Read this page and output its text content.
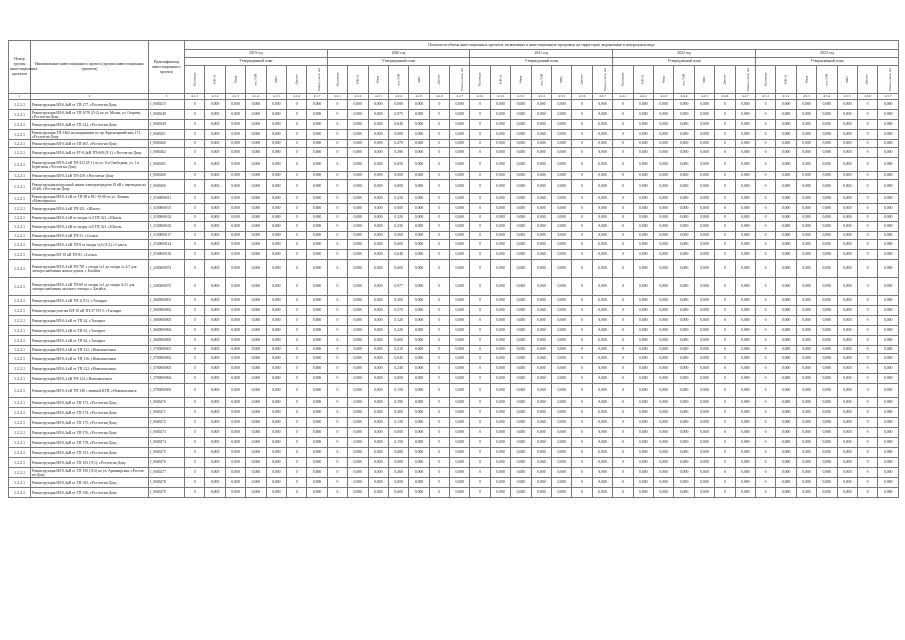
Номер группы инвестиционных проектов	Наименование инвестиционного проекта (группы инвестиционных проектов)	Идентификатор инвестиционного проекта	Показатели объема инвестиционных проектов, включенных в инвестиционную программу на территории, выраженные в натуральном виде																																		
			2019 год							2020 год							2021 год							2022 год							2023 год						
			Утвержденный план							Утвержденный план							Утвержденный план							Утвержденный план							Утвержденный план						
			Год ввода	МВ×А	Мвар	км ЛЭП	МВт	Другое	Точки учета, шт	Год ввода	МВ×А	Мвар	км ЛЭП	МВт	Другое	Точки учета, шт	Год ввода	МВ×А	Мвар	км ЛЭП	МВт	Другое	Точки учета, шт	Год ввода	МВ×А	Мвар	км ЛЭП	МВт	Другое	Точки учета, шт	Год ввода	МВ×А	Мвар	км ЛЭП	МВт	Другое	Точки учета, шт
1	2	3	4.1.1	4.1.2	4.1.3	4.1.4	4.1.5	4.1.6	4.1.7	4.2.1	4.2.2	4.2.3	4.2.4	4.2.5	4.2.6	4.2.7	4.3.1	4.3.2	4.3.3	4.3.4	4.3.5	4.3.6	4.3.7	4.4.1	4.4.2	4.4.3	4.4.4	4.4.5	4.4.6	4.4.7	4.5.1	4.5.2	4.5.3	4.5.4	4.5.5	4.5.6	4.5.7
1.2.2.1	Реконструкция ВЛ-0,4кВ от ТП-277, г.Ростов-на-Дону	J_0000215	0	0,000	0,000	0,000	0,000	0	0,000	0	0,000	0,000	0,000	0,000	0	0,000	0	0,000	0,000	0,000	0,000	0	0,000	0	0,000	0,000	0,000	0,000	0	0,000	0	0,000	0,000	0,000	0,000	0	0,000
1.2.2.1	Реконструкция ВЛ-0,4кВ от ТП-1070 (Л-2) по ул. Малая, ул. Огарева, г.Ростов-на-Дону	J_0000248	0	0,000	0,000	0,000	0,000	0	0,000	0	0,000	0,000	0,975	0,000	0	0,000	0	0,000	0,000	0,000	0,000	0	0,000	0	0,000	0,000	0,000	0,000	0	0,000	0	0,000	0,000	0,000	0,000	0	0,000
1.2.2.1	Реконструкция ВЛ-0,4кВ от ТП-222, г.Ростов-на-Дону	J_0000249	0	0,000	0,000	0,000	0,000	0	0,000	0	0,000	0,000	0,640	0,000	0	0,000	0	0,000	0,000	0,000	0,000	0	0,000	0	0,000	0,000	0,000	0,000	0	0,000	0	0,000	0,000	0,000	0,000	0	0,000
1.2.2.1	Реконструкция ТП-1462 на напряжение по пр. Красноармейская, 171, г.Ростов-на-Дону	J_0000251	0	0,000	0,000	0,000	0,000	0	0,000	0	0,000	0,000	0,000	0,000	0	0,000	0	0,000	0,000	0,000	0,000	0	0,000	0	0,000	0,000	0,000	0,000	0	0,000	0	0,000	0,000	0,000	0,000	0	0,000
1.2.2.1	Реконструкция ВЛ-0,4кВ от ТП-467, г.Ростов-на-Дону	J_0000260	0	0,000	0,000	0,000	0,000	0	0,000	0	0,000	0,000	0,470	0,000	0	0,000	0	0,000	0,000	0,000	0,000	0	0,000	0	0,000	0,000	0,000	0,000	0	0,000	0	0,000	0,000	0,000	0,000	0	0,000
1.2.2.1	Реконструкция ВЛ-0,4кВ от РУ-0,4кВ ТП-600 (Л-1), г.Ростов-на-Дону	J_0000262	0	0,000	0,000	0,000	0,000	0	0,000	0	0,000	0,000	0,490	0,000	0	0,000	0	0,000	0,000	0,000	0,000	0	0,000	0	0,000	0,000	0,000	0,000	0	0,000	0	0,000	0,000	0,000	0,000	0	0,000
1.2.2.1	Реконструкция ВЛ-0,4 кВ ТП-323 (Л-1) по ул. 6-я Свободная, ул. 1-я Береговая, г.Ростов-на-Дону	J_0000265	0	0,000	0,000	0,000	0,000	0	0,000	0	0,000	0,000	0,650	0,000	0	0,000	0	0,000	0,000	0,000	0,000	0	0,000	0	0,000	0,000	0,000	0,000	0	0,000	0	0,000	0,000	0,000	0,000	0	0,000
1.2.2.1	Реконструкция ВЛ-0,4 кВ ТП-419, г.Ростов-на-Дону	J_0000268	0	0,000	0,000	0,000	0,000	0	0,000	0	0,000	0,000	0,000	0,000	0	0,000	0	0,000	0,000	0,000	0,000	0	0,000	0	0,000	0,000	0,000	0,000	0	0,000	0	0,000	0,000	0,000	0,000	0	0,000
1.2.2.1	Реконструкция воздушной линии электропередачи 10 кВ с переводом на 20 кВ, г.Ростов-на-Дону	J_0000269	0	0,000	0,000	0,000	0,000	0	0,000	0	0,000	0,000	0,000	0,000	0	0,000	0	0,000	0,000	0,000	0,000	0	0,000	0	0,000	0,000	0,000	0,000	0	0,000	0	0,000	0,000	0,000	0,000	0	0,000
1.2.2.1	Реконструкция ВЛ-0,4 кВ от ТП-08 в ПС-10-08 по ул. Ленина, г.Новочеркасск	J_3100000011	0	0,000	0,000	0,000	0,000	0	0,000	0	0,000	0,000	0,410	0,000	0	0,000	0	0,000	0,000	0,000	0,000	0	0,000	0	0,000	0,000	0,000	0,000	0	0,000	0	0,000	0,000	0,000	0,000	0	0,000
1.2.2.1	Реконструкция ВЛ-0,4 кВ ТП-321, г.Шахты	J_3100000101	0	0,000	0,000	0,000	0,000	0	0,000	0	0,000	0,000	0,000	0,000	0	0,000	0	0,000	0,000	0,000	0,000	0	0,000	0	0,000	0,000	0,000	0,000	0	0,000	0	0,000	0,000	0,000	0,000	0	0,000
1.2.2.1	Реконструкция ВЛ-0,4 кВ от опоры №3 ТП-321, г.Шахты	J_3100000102	0	0,000	0,000	0,000	0,000	0	0,000	0	0,000	0,000	0,320	0,000	0	0,000	0	0,000	0,000	0,000	0,000	0	0,000	0	0,000	0,000	0,000	0,000	0	0,000	0	0,000	0,000	0,000	0,000	0	0,000
1.2.2.1	Реконструкция ВЛ-0,4 кВ от опоры №5 ТП-321, г.Шахты	J_3100000103	0	0,000	0,000	0,000	0,000	0	0,000	0	0,000	0,000	0,330	0,000	0	0,000	0	0,000	0,000	0,000	0,000	0	0,000	0	0,000	0,000	0,000	0,000	0	0,000	0	0,000	0,000	0,000	0,000	0	0,000
1.2.2.1	Реконструкция ВЛ-0,4 кВ ТП-31, г.Сальск	J_3100000117	0	0,000	0,000	0,000	0,000	0	0,000	0	0,000	0,000	0,060	0,000	0	0,000	0	0,000	0,000	0,000	0,000	0	0,000	0	0,000	0,000	0,000	0,000	0	0,000	0	0,000	0,000	0,000	0,000	0	0,000
1.2.2.1	Реконструкция ВЛ-0,4 кВ ТП-8 от опоры №5 (Л-2), г.Сальск	J_3100000124	0	0,000	0,000	0,000	0,000	0	0,000	0	0,000	0,000	0,000	0,000	0	0,000	0	0,000	0,000	0,000	0,000	0	0,000	0	0,000	0,000	0,000	0,000	0	0,000	0	0,000	0,000	0,000	0,000	0	0,000
1.2.2.1	Реконструкция ВЛ-10 кВ ТП-81, г.Сальск	J_3100000130	0	0,000	0,000	0,000	0,000	0	0,000	0	0,000	0,000	0,640	0,000	0	0,000	0	0,000	0,000	0,000	0,000	0	0,000	0	0,000	0,000	0,000	0,000	0	0,000	0	0,000	0,000	0,000	0,000	0	0,000
1.2.2.1	Реконструкция ВЛ-0,4 кВ ТП-781 с опоры №1 до опоры № 2/1 для электроснабжения жилых домов, г. Батайск	J_3200000074	0	0,000	0,000	0,000	0,000	0	0,000	0	0,000	0,000	0,000	0,000	0	0,000	0	0,000	0,000	0,000	0,000	0	0,000	0	0,000	0,000	0,000	0,000	0	0,000	0	0,000	0,000	0,000	0,000	0	0,000
1.2.2.1	Реконструкция ВЛ-0,4 кВ ТП-60 от опоры №1 до опоры №11 для электроснабжения частного сектора, г. Батайск	J_3200000075	0	0,000	0,000	0,000	0,000	0	0,000	0	0,000	0,000	0,977	0,000	0	0,000	0	0,000	0,000	0,000	0,000	0	0,000	0	0,000	0,000	0,000	0,000	0	0,000	0	0,000	0,000	0,000	0,000	0	0,000
1.2.2.1	Реконструкция ВЛ-0,4 кВ ТП-1(Л-1), г.Таганрог	J_3600000001	0	0,000	0,000	0,000	0,000	0	0,000	0	0,000	0,000	0,300	0,000	0	0,000	0	0,000	0,000	0,000	0,000	0	0,000	0	0,000	0,000	0,000	0,000	0	0,000	0	0,000	0,000	0,000	0,000	0	0,000
1.2.2.1	Реконструкция участка ВЛ-10 кВ ТП-37 ТП-5, г.Таганрог	J_3600000002	0	0,000	0,000	0,000	0,000	0	0,000	0	0,000	0,000	0,370	0,000	0	0,000	0	0,000	0,000	0,000	0,000	0	0,000	0	0,000	0,000	0,000	0,000	0	0,000	0	0,000	0,000	0,000	0,000	0	0,000
1.2.2.1	Реконструкция ВЛ-0,4 кВ от ТП-24, г.Таганрог	J_3600000003	0	0,000	0,000	0,000	0,000	0	0,000	0	0,000	0,000	0,120	0,000	0	0,000	0	0,000	0,000	0,000	0,000	0	0,000	0	0,000	0,000	0,000	0,000	0	0,000	0	0,000	0,000	0,000	0,000	0	0,000
1.2.2.1	Реконструкция ВЛ-0,4 кВ от ТП-61, г.Таганрог	J_3600000004	0	0,000	0,000	0,000	0,000	0	0,000	0	0,000	0,000	0,220	0,000	0	0,000	0	0,000	0,000	0,000	0,000	0	0,000	0	0,000	0,000	0,000	0,000	0	0,000	0	0,000	0,000	0,000	0,000	0	0,000
1.2.2.1	Реконструкция ВЛ-0,4 кВ от ТП-62, г.Таганрог	J_3600000005	0	0,000	0,000	0,000	0,000	0	0,000	0	0,000	0,000	0,000	0,000	0	0,000	0	0,000	0,000	0,000	0,000	0	0,000	0	0,000	0,000	0,000	0,000	0	0,000	0	0,000	0,000	0,000	0,000	0	0,000
1.2.2.1	Реконструкция ВЛ-0,4 кВ от ТП-112, г.Новошахтинск	J_3700000001	0	0,000	0,000	0,000	0,000	0	0,000	0	0,000	0,000	0,210	0,000	0	0,000	0	0,000	0,000	0,000	0,000	0	0,000	0	0,000	0,000	0,000	0,000	0	0,000	0	0,000	0,000	0,000	0,000	0	0,000
1.2.2.1	Реконструкция ВЛ-0,4 кВ от ТП-116, г.Новошахтинск	J_3700000002	0	0,000	0,000	0,000	0,000	0	0,000	0	0,000	0,000	0,045	0,000	0	0,000	0	0,000	0,000	0,000	0,000	0	0,000	0	0,000	0,000	0,000	0,000	0	0,000	0	0,000	0,000	0,000	0,000	0	0,000
1.2.2.1	Реконструкция ВЛ-0,4 кВ от ТП-122, г.Новошахтинск	J_3700000003	0	0,000	0,000	0,000	0,000	0	0,000	0	0,000	0,000	0,240	0,000	0	0,000	0	0,000	0,000	0,000	0,000	0	0,000	0	0,000	0,000	0,000	0,000	0	0,000	0	0,000	0,000	0,000	0,000	0	0,000
1.2.2.1	Реконструкция ВЛ-0,4 кВ ТП-124, г.Новошахтинск	J_3700000004	0	0,000	0,000	0,000	0,000	0	0,000	0	0,000	0,000	0,000	0,000	0	0,000	0	0,000	0,000	0,000	0,000	0	0,000	0	0,000	0,000	0,000	0,000	0	0,000	0	0,000	0,000	0,000	0,000	0	0,000
1.2.2.1	Реконструкция ВЛ-0,4 кВ ТП-148 с заменой КТП, г.Новошахтинск	J_3700000005	0	0,000	0,000	0,000	0,000	0	0,000	0	0,000	0,000	0,150	0,000	0	0,000	0	0,000	0,000	0,000	0,000	0	0,000	0	0,000	0,000	0,000	0,000	0	0,000	0	0,000	0,000	0,000	0,000	0	0,000
1.2.2.1	Реконструкция ВЛ-0,4кВ от ТП-172, г.Ростов-на-Дону	J_0000270	0	0,000	0,000	0,000	0,000	0	0,000	0	0,000	0,000	0,390	0,000	0	0,000	0	0,000	0,000	0,000	0,000	0	0,000	0	0,000	0,000	0,000	0,000	0	0,000	0	0,000	0,000	0,000	0,000	0	0,000
1.2.2.1	Реконструкция ВЛ-0,4кВ от ТП-174, г.Ростов-на-Дону	J_0000271	0	0,000	0,000	0,000	0,000	0	0,000	0	0,000	0,000	0,400	0,000	0	0,000	0	0,000	0,000	0,000	0,000	0	0,000	0	0,000	0,000	0,000	0,000	0	0,000	0	0,000	0,000	0,000	0,000	0	0,000
1.2.2.1	Реконструкция ВЛ-0,4кВ от ТП-175, г.Ростов-на-Дону	J_0000272	0	0,000	0,000	0,000	0,000	0	0,000	0	0,000	0,000	0,120	0,000	0	0,000	0	0,000	0,000	0,000	0,000	0	0,000	0	0,000	0,000	0,000	0,000	0	0,000	0	0,000	0,000	0,000	0,000	0	0,000
1.2.2.1	Реконструкция ВЛ-0,4кВ от ТП-176, г.Ростов-на-Дону	J_0000273	0	0,000	0,000	0,000	0,000	0	0,000	0	0,000	0,000	0,000	0,000	0	0,000	0	0,000	0,000	0,000	0,000	0	0,000	0	0,000	0,000	0,000	0,000	0	0,000	0	0,000	0,000	0,000	0,000	0	0,000
1.2.2.1	Реконструкция ВЛ-0,4кВ от ТП-178, г.Ростов-на-Дону	J_0000274	0	0,000	0,000	0,000	0,000	0	0,000	0	0,000	0,000	0,150	0,000	0	0,000	0	0,000	0,000	0,000	0,000	0	0,000	0	0,000	0,000	0,000	0,000	0	0,000	0	0,000	0,000	0,000	0,000	0	0,000
1.2.2.1	Реконструкция ВЛ-0,4кВ от ТП-181, г.Ростов-на-Дону	J_0000275	0	0,000	0,000	0,000	0,000	0	0,000	0	0,000	0,000	0,080	0,000	0	0,000	0	0,000	0,000	0,000	0,000	0	0,000	0	0,000	0,000	0,000	0,000	0	0,000	0	0,000	0,000	0,000	0,000	0	0,000
1.2.2.1	Реконструкция ВЛ-0,4кВ от ТП-183 (Л-1), г.Ростов-на-Дону	J_0000276	0	0,000	0,000	0,000	0,000	0	0,000	0	0,000	0,000	0,000	0,000	0	0,000	0	0,000	0,000	0,000	0,000	0	0,000	0	0,000	0,000	0,000	0,000	0	0,000	0	0,000	0,000	0,000	0,000	0	0,000
1.2.2.1	Реконструкция ВЛ-0,4кВ от ТП-185 (Л-2) по ул. Армавирская, г.Ростов-на-Дону	J_0000277	0	0,000	0,000	0,000	0,000	0	0,000	0	0,000	0,000	0,460	0,000	0	0,000	0	0,000	0,000	0,000	0,000	0	0,000	0	0,000	0,000	0,000	0,000	0	0,000	0	0,000	0,000	0,000	0,000	0	0,000
1.2.2.1	Реконструкция ВЛ-0,4кВ от ТП-345, г.Ростов-на-Дону	J_0000278	0	0,000	0,000	0,000	0,000	0	0,000	0	0,000	0,000	0,000	0,000	0	0,000	0	0,000	0,000	0,000	0,000	0	0,000	0	0,000	0,000	0,000	0,000	0	0,000	0	0,000	0,000	0,000	0,000	0	0,000
1.2.2.1	Реконструкция ВЛ-0,4кВ от ТП-356, г.Ростов-на-Дону	J_0000279	0	0,000	0,000	0,000	0,000	0	0,000	0	0,000	0,000	0,000	0,000	0	0,000	0	0,000	0,000	0,000	0,000	0	0,000	0	0,000	0,000	0,000	0,000	0	0,000	0	0,000	0,000	0,000	0,000	0	0,000
